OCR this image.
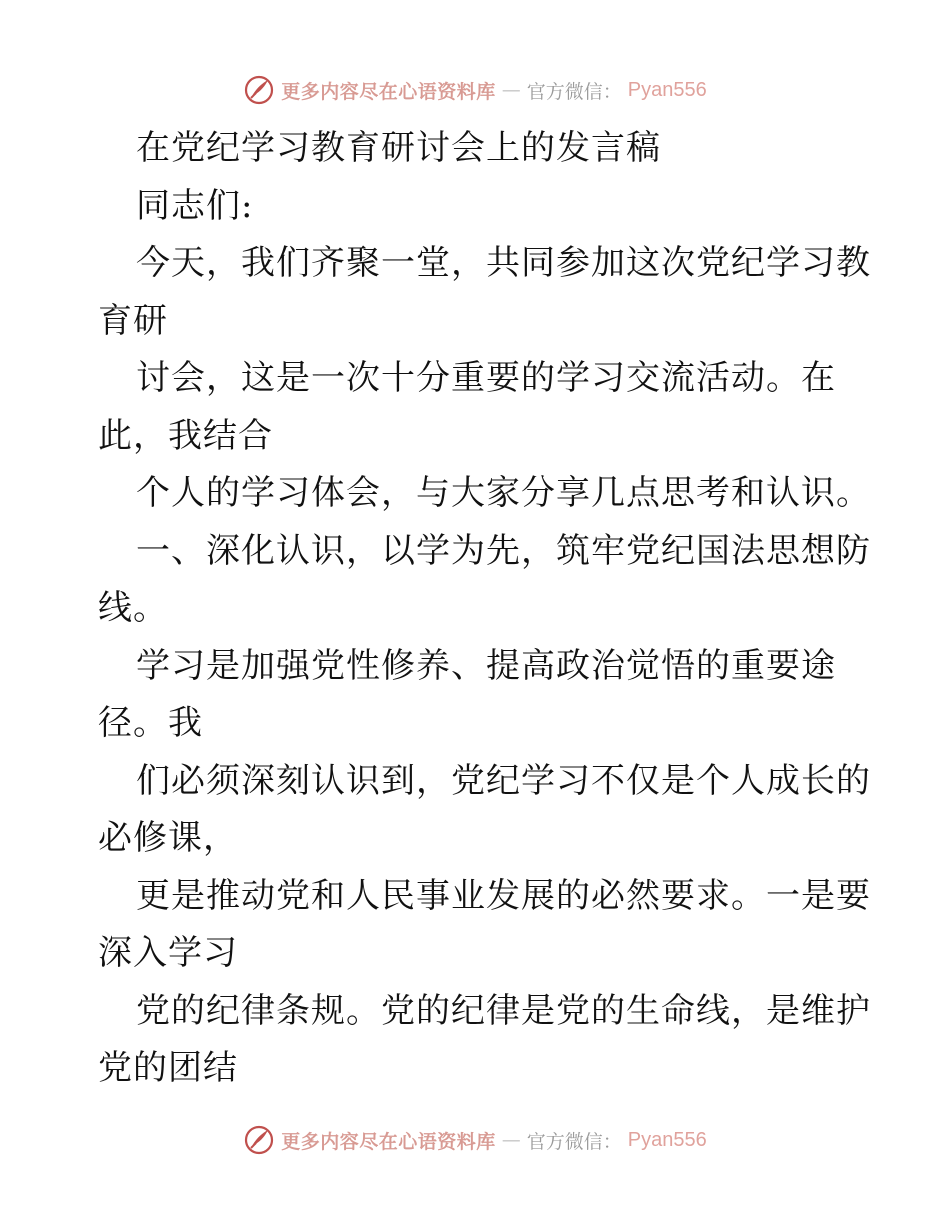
更多内容尽在心语资料库 — 官方微信： Pyan556
在党纪学习教育研讨会上的发言稿
同志们:
今天，我们齐聚一堂，共同参加这次党纪学习教
育研
讨会，这是一次十分重要的学习交流活动。在
此，我结合
个人的学习体会，与大家分享几点思考和认识。
一、深化认识，以学为先，筑牢党纪国法思想防
线。
学习是加强党性修养、提高政治觉悟的重要途
径。我
们必须深刻认识到，党纪学习不仅是个人成长的
必修课，
更是推动党和人民事业发展的必然要求。一是要
深入学习
党的纪律条规。党的纪律是党的生命线，是维护
党的团结
更多内容尽在心语资料库 — 官方微信： Pyan556
